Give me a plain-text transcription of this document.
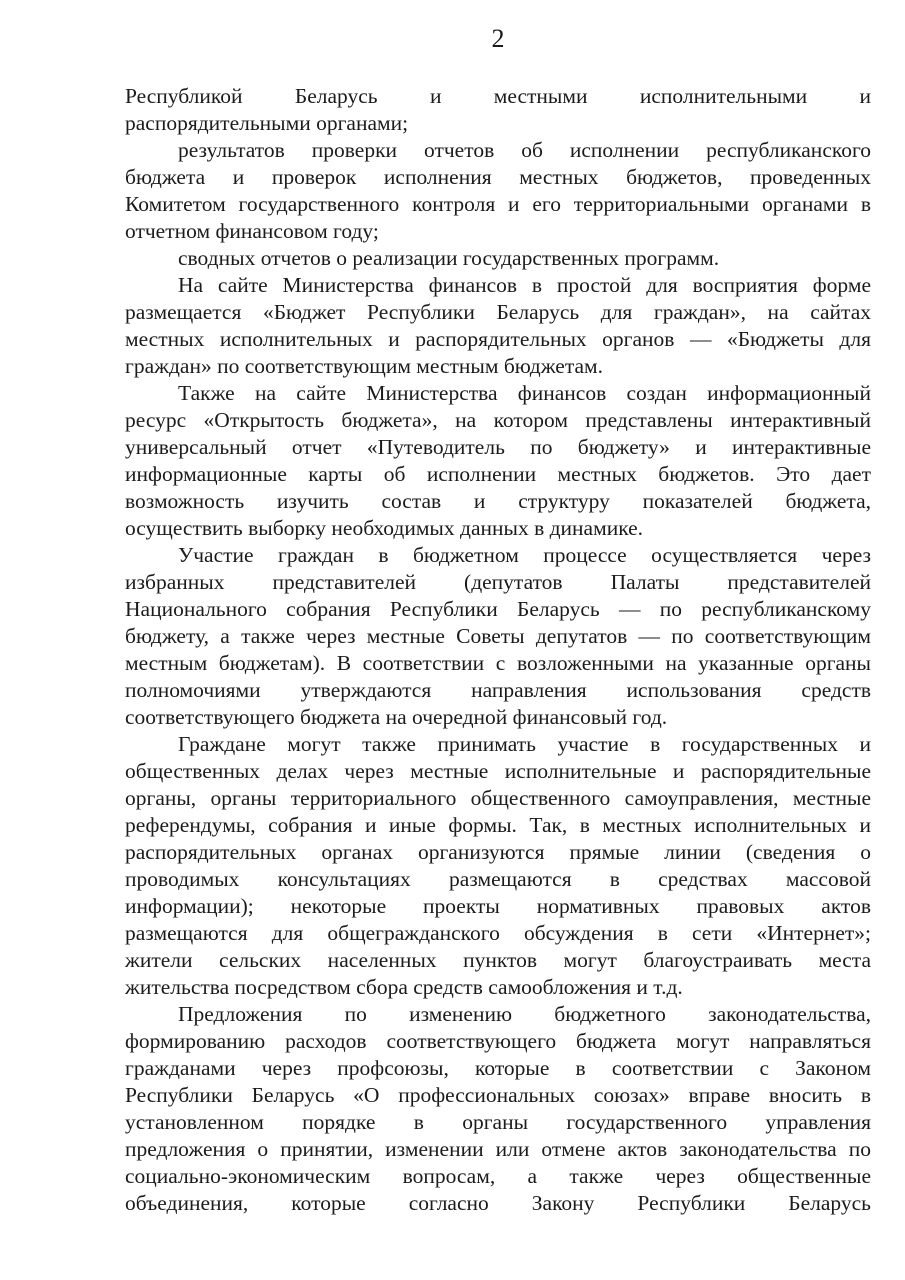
2
Республикой Беларусь и местными исполнительными и
распорядительными органами;
результатов проверки отчетов об исполнении республиканского
бюджета и проверок исполнения местных бюджетов, проведенных
Комитетом государственного контроля и его территориальными органами в
отчетном финансовом году;
сводных отчетов о реализации государственных программ.
На сайте Министерства финансов в простой для восприятия форме
размещается «Бюджет Республики Беларусь для граждан», на сайтах
местных исполнительных и распорядительных органов — «Бюджеты для
граждан» по соответствующим местным бюджетам.
Также на сайте Министерства финансов создан информационный
ресурс «Открытость бюджета», на котором представлены интерактивный
универсальный отчет «Путеводитель по бюджету» и интерактивные
информационные карты об исполнении местных бюджетов. Это дает
возможность изучить состав и структуру показателей бюджета,
осуществить выборку необходимых данных в динамике.
Участие граждан в бюджетном процессе осуществляется через
избранных представителей (депутатов Палаты представителей
Национального собрания Республики Беларусь — по республиканскому
бюджету, а также через местные Советы депутатов — по соответствующим
местным бюджетам). В соответствии с возложенными на указанные органы
полномочиями утверждаются направления использования средств
соответствующего бюджета на очередной финансовый год.
Граждане могут также принимать участие в государственных и
общественных делах через местные исполнительные и распорядительные
органы, органы территориального общественного самоуправления, местные
референдумы, собрания и иные формы. Так, в местных исполнительных и
распорядительных органах организуются прямые линии (сведения о
проводимых консультациях размещаются в средствах массовой
информации); некоторые проекты нормативных правовых актов
размещаются для общегражданского обсуждения в сети «Интернет»;
жители сельских населенных пунктов могут благоустраивать места
жительства посредством сбора средств самообложения и т.д.
Предложения по изменению бюджетного законодательства,
формированию расходов соответствующего бюджета могут направляться
гражданами через профсоюзы, которые в соответствии с Законом
Республики Беларусь «О профессиональных союзах» вправе вносить в
установленном порядке в органы государственного управления
предложения о принятии, изменении или отмене актов законодательства по
социально-экономическим вопросам, а также через общественные
объединения, которые согласно Закону Республики Беларусь
